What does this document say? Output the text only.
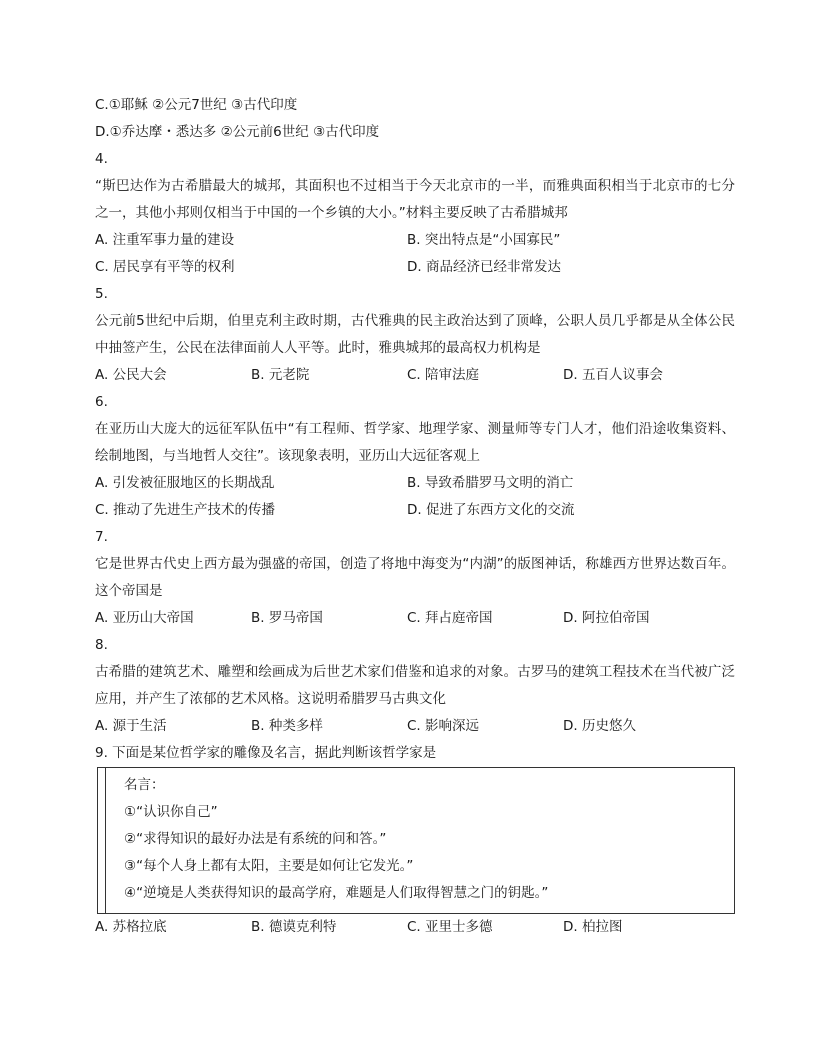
C.①耶稣 ②公元7世纪 ③古代印度
D.①乔达摩・悉达多 ②公元前6世纪 ③古代印度
4.
“斯巴达作为古希腊最大的城邦，其面积也不过相当于今天北京市的一半，而雅典面积相当于北京市的七分之一，其他小邦则仅相当于中国的一个乡镇的大小。”材料主要反映了古希腊城邦
A. 注重军事力量的建设	B. 突出特点是“小国寡民”
C. 居民享有平等的权利	D. 商品经济已经非常发达
5.
公元前5世纪中后期，伯里克利主政时期，古代雅典的民主政治达到了顶峰，公职人员几乎都是从全体公民中抽签产生，公民在法律面前人人平等。此时，雅典城邦的最高权力机构是
A. 公民大会	B. 元老院	C. 陪审法庭	D. 五百人议事会
6.
在亚历山大庞大的远征军队伍中“有工程师、哲学家、地理学家、测量师等专门人才，他们沿途收集资料、绘制地图，与当地哲人交往”。该现象表明，亚历山大远征客观上
A. 引发被征服地区的长期战乱	B. 导致希腊罗马文明的消亡
C. 推动了先进生产技术的传播	D. 促进了东西方文化的交流
7.
它是世界古代史上西方最为强盛的帝国，创造了将地中海变为“内湖”的版图神话，称雄西方世界达数百年。这个帝国是
A. 亚历山大帝国	B. 罗马帝国	C. 拜占庭帝国	D. 阿拉伯帝国
8.
古希腊的建筑艺术、雕塑和绘画成为后世艺术家们借鉴和追求的对象。古罗马的建筑工程技术在当代被广泛应用，并产生了浓郁的艺术风格。这说明希腊罗马古典文化
A. 源于生活	B. 种类多样	C. 影响深远	D. 历史悠久
9. 下面是某位哲学家的雕像及名言，据此判断该哲学家是
名言：
①“认识你自己”
②“求得知识的最好办法是有系统的问和答。”
③“每个人身上都有太阳，主要是如何让它发光。”
④“逆境是人类获得知识的最高学府，难题是人们取得智慧之门的钥匙。”
A. 苏格拉底	B. 德谟克利特	C. 亚里士多德	D. 柏拉图
